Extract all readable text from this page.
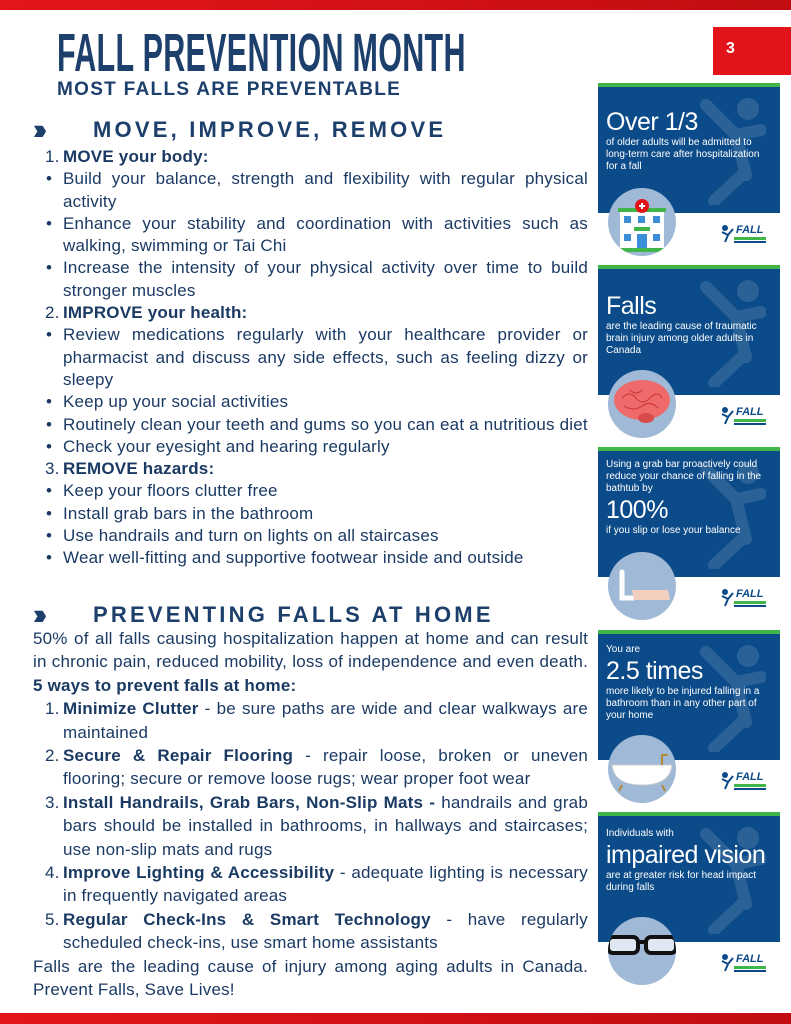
3
FALL PREVENTION MONTH
MOST FALLS ARE PREVENTABLE
›››	MOVE, IMPROVE, REMOVE
1. MOVE your body:
• Build your balance, strength and flexibility with regular physical activity
• Enhance your stability and coordination with activities such as walking, swimming or Tai Chi
• Increase the intensity of your physical activity over time to build stronger muscles
2. IMPROVE your health:
• Review medications regularly with your healthcare provider or pharmacist and discuss any side effects, such as feeling dizzy or sleepy
• Keep up your social activities
• Routinely clean your teeth and gums so you can eat a nutritious diet
• Check your eyesight and hearing regularly
3. REMOVE hazards:
• Keep your floors clutter free
• Install grab bars in the bathroom
• Use handrails and turn on lights on all staircases
• Wear well-fitting and supportive footwear inside and outside
›››	PREVENTING FALLS AT HOME

50% of all falls causing hospitalization happen at home and can result in chronic pain, reduced mobility, loss of independence and even death. 5 ways to prevent falls at home:

1. Minimize Clutter - be sure paths are wide and clear walkways are maintained
2. Secure & Repair Flooring - repair loose, broken or uneven flooring; secure or remove loose rugs; wear proper foot wear
3. Install Handrails, Grab Bars, Non-Slip Mats - handrails and grab bars should be installed in bathrooms, in hallways and staircases; use non-slip mats and rugs
4. Improve Lighting & Accessibility - adequate lighting is necessary in frequently navigated areas
5. Regular Check-Ins & Smart Technology - have regularly scheduled check-ins, use smart home assistants

Falls are the leading cause of injury among aging adults in Canada. Prevent Falls, Save Lives!

Over 1/3
of older adults will be admitted to long-term care after hospitalization for a fall
FALL
Falls
are the leading cause of traumatic brain injury among older adults in Canada
FALL
Using a grab bar proactively could reduce your chance of falling in the bathtub by
100%
if you slip or lose your balance
FALL
You are
2.5 times
more likely to be injured falling in a bathroom than in any other part of your home
FALL
Individuals with
impaired vision
are at greater risk for head impact during falls
FALL
